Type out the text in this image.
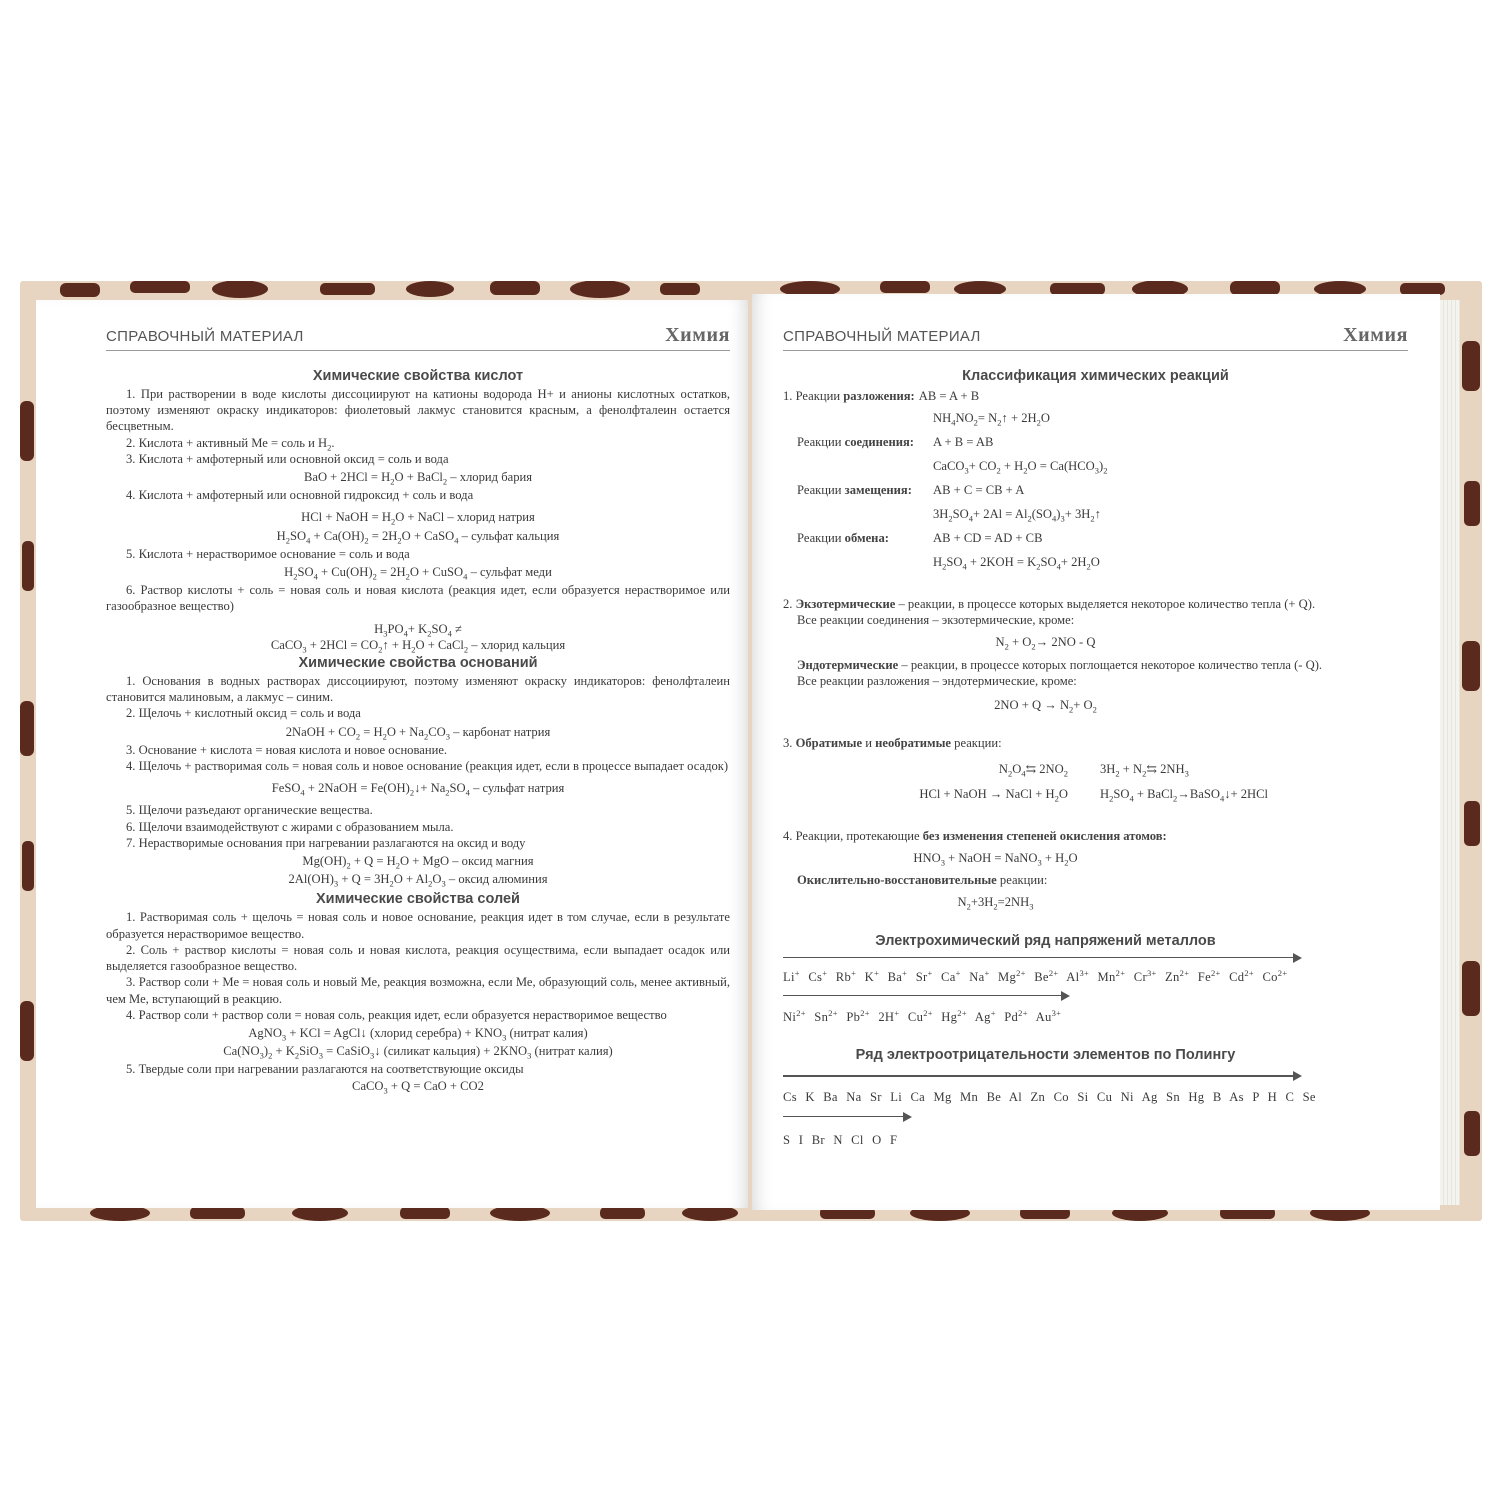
СПРАВОЧНЫЙ МАТЕРИАЛ	Химия	СПРАВОЧНЫЙ МАТЕРИАЛ	Химия
Химические свойства кислот

1. При растворении в воде кислоты диссоциируют на катионы водорода H+ и анионы кислотных остатков, поэтому изменяют окраску индикаторов: фиолетовый лакмус становится красным, а фенолфталеин остается бесцветным.

2. Кислота + активный Ме = соль и $H_2$.

3. Кислота + амфотерный или основной оксид = соль и вода

BaO + $2HCl = H_2O$ + BaCl$_2$ – хлорид бария

4. Кислота + амфотерный или основной гидроксид + соль и вода

HCl + NaOH = $H_2O$ + NaCl – хлорид натрия
$H_2SO_4 + Ca(OH)_2 = 2H_2O$ + CaSO$_4$ – сульфат кальция

5. Кислота + нерастворимое основание = соль и вода

$H_2SO_4 + Cu(OH)_2 = 2H_2O$ + CuSO$_4$ – сульфат меди

6. Раствор кислоты + соль = новая соль и новая кислота (реакция идет, если образуется нерастворимое или газообразное вещество)

$H_3PO_4+ K_2SO_4$ ≠
CaCO$_3$ + $2HCl = CO_2↑ + H_2O$ + CaCl$_2$ – хлорид кальция
Химические свойства оснований

1. Основания в водных растворах диссоциируют, поэтому изменяют окраску индикаторов: фенолфталеин становится малиновым, а лакмус – синим.

2. Щелочь + кислотный оксид = соль и вода

2NaOH + $CO_2 = H_2O + Na_2CO_3$ – карбонат натрия

3. Основание + кислота = новая кислота и новое основание.

4. Щелочь + растворимая соль = новая соль и новое основание (реакция идет, если в процессе выпадает осадок)

FeSO$_4$ + 2NaOH = $Fe(OH)_2↓+ Na_2SO_4$ – сульфат натрия

5. Щелочи разъедают органические вещества.

6. Щелочи взаимодействуют с жирами с образованием мыла.

7. Нерастворимые основания при нагревании разлагаются на оксид и воду

$Mg(OH)_2 + Q = H_2O$ + MgO – оксид магния
$2Al(OH)_3 + Q = 3H_2O + Al_2O_3$ – оксид алюминия
Химические свойства солей

1. Растворимая соль + щелочь = новая соль и новое основание, реакция идет в том случае, если в результате образуется нерастворимое вещество.

2. Соль + раствор кислоты = новая соль и новая кислота, реакция осуществима, если выпадает осадок или выделяется газообразное вещество.

3. Раствор соли + Ме = новая соль и новый Ме, реакция возможна, если Ме, образующий соль, менее активный, чем Ме, вступающий в реакцию.

4. Раствор соли + раствор соли = новая соль, реакция идет, если образуется нерастворимое вещество

AgNO$_3$ + KCl = AgCl↓ (хлорид серебра) + $KNO_3$ (нитрат калия)
$Ca(NO_3)_2 + K_2SiO_3$ = CaSiO$_3$↓ (силикат кальция) + $2KNO_3$ (нитрат калия)

5. Твердые соли при нагревании разлагаются на соответствующие оксиды

CaCO$_3$ + Q = CaO + CO2
Классификация химических реакций
1. Реакции разложения: AB = A + B
$NH_4NO_2=$ $N_2↑ + 2H_2O$
Реакции соединения:	A + B = AB
CaCO$_3$+ $CO_2 + H_2O = Ca(HCO_3)_2$
Реакции замещения:	AB + C = CB + A
$3H_2SO_4+ 2Al = Al_2(SO_4)_3+$ $3H_2↑$
Реакции обмена:	AB + CD = AD + CB
$H_2SO_4 + 2KOH = K_2SO_4+ 2H_2O$

2. Экзотермические – реакции, в процессе которых выделяется некоторое количество тепла (+ Q).

Все реакции соединения – экзотермические, кроме:

$N_2 + O_2\to 2NO - Q$

Эндотермические – реакции, в процессе которых поглощается некоторое количество тепла (- Q).

Все реакции разложения – эндотермические, кроме:

$2NO + Q \to N_2+ O_2$

3. Обратимые и необратимые реакции:

$N_2O_4⇆$ $2NO_2$	$3H_2$ + $N_2⇆$ $2NH_3$
HCl + NaOH → NaCl + $H_2O$	$H_2SO_4$ + BaCl$_2$→BaSO$_4$↓+ 2HCl

4. Реакции, протекающие без изменения степеней окисления атомов:

$HNO_3$ + NaOH = NaNO$_3$ + $H_2O$

Окислительно-восстановительные реакции:

$N_2+3H_2=2NH_3$
Электрохимический ряд напряжений металлов
Li+ Cs+ Rb+ K+ Ba+ Sr+ Ca+ Na+ $Mg^{2+}$ $Be^{2+}$ $Al^{3+}$ $Mn^{2+}$ $Cr^{3+}$ $Zn^{2+}$ $Fe^{2+}$ $Cd^{2+}$ $Co^{2+}$
$Ni^{2+}$ $Sn^{2+}$ $Pb^{2+}$ 2H+ $Cu^{2+}$ $Hg^{2+}$ Ag+ $Pd^{2+}$ $Au^{3+}$
Ряд электроотрицательности элементов по Полингу
Cs K Ba Na Sr Li Ca Mg Mn Be Al Zn Co Si Cu Ni Ag Sn Hg B As P H C Se
S I Br N Cl O F
